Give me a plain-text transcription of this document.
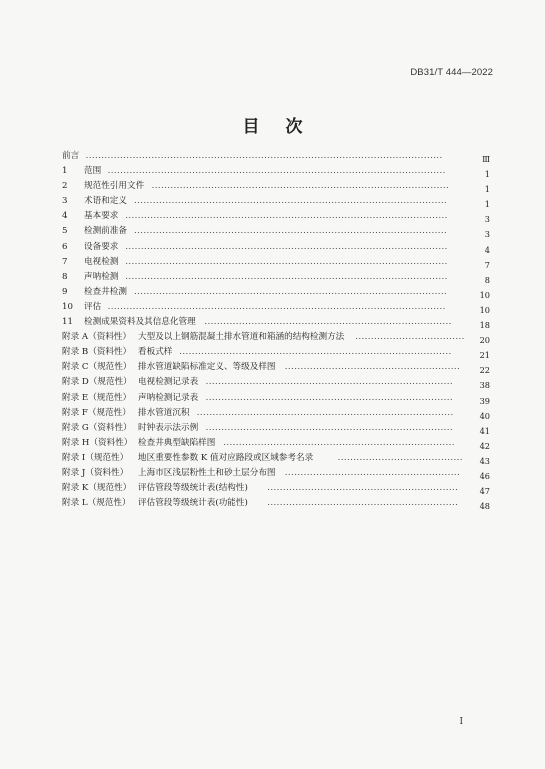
DB31/T 444—2022
目次
前言 ..................................................................................................................	Ⅲ
1 范围 ............................................................................................................	1
2 规范性引用文件 ...............................................................................................	1
3 术语和定义 ....................................................................................................	1
4 基本要求 .......................................................................................................	3
5 检测前准备 ....................................................................................................	3
6 设备要求 .......................................................................................................	4
7 电视检测 .......................................................................................................	7
8 声呐检测 .......................................................................................................	8
9 检查井检测 ....................................................................................................	10
10 评估 ............................................................................................................	10
11 检测成果资料及其信息化管理 ...............................................................................	18
附录 A（资料性） 大型及以上钢筋混凝土排水管道和箱涵的结构检测方法 ...................................	20
附录 B（资料性） 看板式样 .......................................................................................	21
附录 C（规范性） 排水管道缺陷标准定义、等级及样图 ........................................................	22
附录 D（规范性） 电视检测记录表 ...............................................................................	38
附录 E（规范性） 声呐检测记录表 ...............................................................................	39
附录 F（规范性） 排水管道沉积 ..................................................................................	40
附录 G（资料性） 时钟表示法示例 ...............................................................................	41
附录 H（资料性） 检查井典型缺陷样图 ..........................................................................	42
附录 I（规范性） 地区重要性参数 K 值对应路段或区域参考名录	........................................	43
附录 J（资料性） 上海市区浅层粉性土和砂土层分布图 ........................................................	46
附录 K（规范性） 评估管段等级统计表(结构性) .............................................................	47
附录 L（规范性） 评估管段等级统计表(功能性) .............................................................	48
I
